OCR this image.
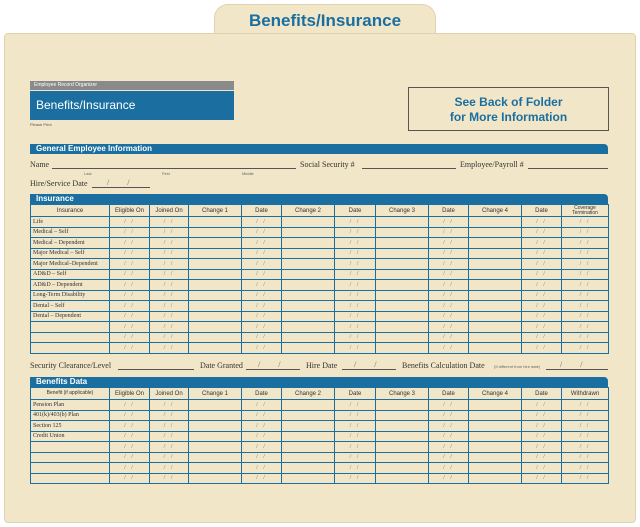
Benefits/Insurance
Employee Record Organizer
Benefits/Insurance
Please Print
See Back of Folder
for More Information
General Employee Information
Name
Last	First	Middle
Social Security #	Employee/Payroll #
Hire/Service Date / /
Insurance
Insurance	Eligible On	Joined On	Change 1	Date	Change 2	Date	Change 3	Date	Change 4	Date	Coverage Termination
Life	/ /	/ /		/ /		/ /		/ /		/ /	/ /
Medical – Self	/ /	/ /		/ /		/ /		/ /		/ /	/ /
Medical – Dependent	/ /	/ /		/ /		/ /		/ /		/ /	/ /
Major Medical – Self	/ /	/ /		/ /		/ /		/ /		/ /	/ /
Major Medical–Dependent	/ /	/ /		/ /		/ /		/ /		/ /	/ /
AD&D – Self	/ /	/ /		/ /		/ /		/ /		/ /	/ /
AD&D – Dependent	/ /	/ /		/ /		/ /		/ /		/ /	/ /
Long-Term Disability	/ /	/ /		/ /		/ /		/ /		/ /	/ /
Dental – Self	/ /	/ /		/ /		/ /		/ /		/ /	/ /
Dental – Dependent	/ /	/ /		/ /		/ /		/ /		/ /	/ /
	/ /	/ /		/ /		/ /		/ /		/ /	/ /
	/ /	/ /		/ /		/ /		/ /		/ /	/ /
	/ /	/ /		/ /		/ /		/ /		/ /	/ /
Security Clearance/Level	Date Granted / / Hire Date / / Benefits Calculation Date (If different from hire date) / /
Benefits Data
Benefit (if applicable)	Eligible On	Joined On	Change 1	Date	Change 2	Date	Change 3	Date	Change 4	Date	Withdrawn
Pension Plan	/ /	/ /		/ /		/ /		/ /		/ /	/ /
401(k)/403(b) Plan	/ /	/ /		/ /		/ /		/ /		/ /	/ /
Section 125	/ /	/ /		/ /		/ /		/ /		/ /	/ /
Credit Union	/ /	/ /		/ /		/ /		/ /		/ /	/ /
	/ /	/ /		/ /		/ /		/ /		/ /	/ /
	/ /	/ /		/ /		/ /		/ /		/ /	/ /
	/ /	/ /		/ /		/ /		/ /		/ /	/ /
	/ /	/ /		/ /		/ /		/ /		/ /	/ /
